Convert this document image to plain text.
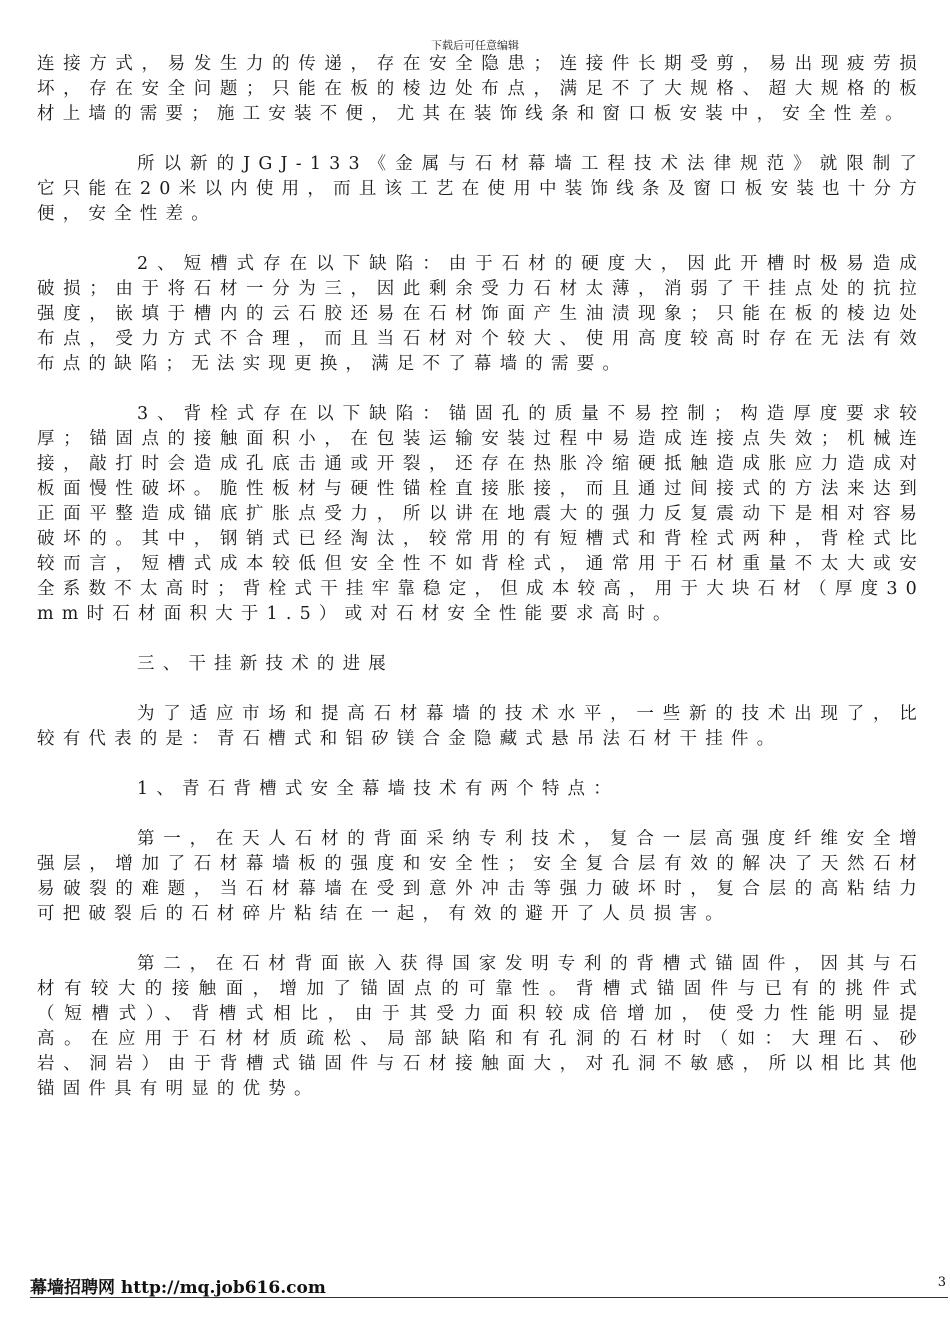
下载后可任意编辑

连接方式，易发生力的传递，存在安全隐患；连接件长期受剪，易出现疲劳损坏，存在安全问题；只能在板的棱边处布点，满足不了大规格、超大规格的板材上墙的需要；施工安装不便，尤其在装饰线条和窗口板安装中，安全性差。

所以新的JGJ-133《金属与石材幕墙工程技术法律规范》就限制了它只能在20米以内使用，而且该工艺在使用中装饰线条及窗口板安装也十分方便，安全性差。

2、短槽式存在以下缺陷：由于石材的硬度大，因此开槽时极易造成破损；由于将石材一分为三，因此剩余受力石材太薄，消弱了干挂点处的抗拉强度，嵌填于槽内的云石胶还易在石材饰面产生油渍现象；只能在板的棱边处布点，受力方式不合理，而且当石材对个较大、使用高度较高时存在无法有效布点的缺陷；无法实现更换，满足不了幕墙的需要。

3、背栓式存在以下缺陷：锚固孔的质量不易控制；构造厚度要求较厚；锚固点的接触面积小，在包装运输安装过程中易造成连接点失效；机械连接，敲打时会造成孔底击通或开裂，还存在热胀冷缩硬抵触造成胀应力造成对板面慢性破坏。脆性板材与硬性锚栓直接胀接，而且通过间接式的方法来达到正面平整造成锚底扩胀点受力，所以讲在地震大的强力反复震动下是相对容易破坏的。其中，钢销式已经淘汰，较常用的有短槽式和背栓式两种，背栓式比较而言，短槽式成本较低但安全性不如背栓式，通常用于石材重量不太大或安全系数不太高时；背栓式干挂牢靠稳定，但成本较高，用于大块石材（厚度30mm时石材面积大于1.5）或对石材安全性能要求高时。

三、干挂新技术的进展

为了适应市场和提高石材幕墙的技术水平，一些新的技术出现了，比较有代表的是：青石槽式和铝矽镁合金隐藏式悬吊法石材干挂件。

1、青石背槽式安全幕墙技术有两个特点：

第一，在天人石材的背面采纳专利技术，复合一层高强度纤维安全增强层，增加了石材幕墙板的强度和安全性；安全复合层有效的解决了天然石材易破裂的难题，当石材幕墙在受到意外冲击等强力破坏时，复合层的高粘结力可把破裂后的石材碎片粘结在一起，有效的避开了人员损害。

第二，在石材背面嵌入获得国家发明专利的背槽式锚固件，因其与石材有较大的接触面，增加了锚固点的可靠性。背槽式锚固件与已有的挑件式（短槽式）、背槽式相比，由于其受力面积较成倍增加，使受力性能明显提高。在应用于石材材质疏松、局部缺陷和有孔洞的石材时（如：大理石、砂岩、洞岩）由于背槽式锚固件与石材接触面大，对孔洞不敏感，所以相比其他锚固件具有明显的优势。

幕墙招聘网 http://mq.job616.com	3
